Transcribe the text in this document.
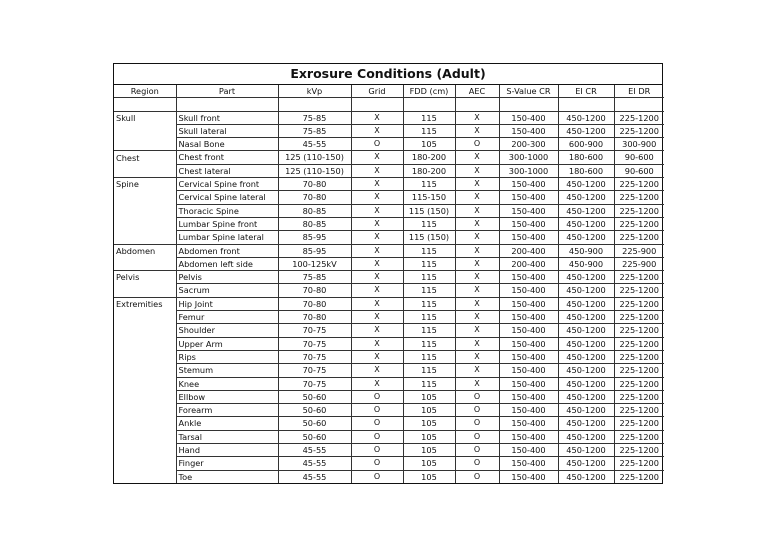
Exrosure Conditions (Adult)
Region	Part	kVp	Grid	FDD (cm)	AEC	S-Value CR	EI CR	EI DR

Skull	Skull front	75-85	X	115	X	150-400	450-1200	225-1200
	Skull lateral	75-85	X	115	X	150-400	450-1200	225-1200
	Nasal Bone	45-55	O	105	O	200-300	600-900	300-900
Chest	Chest front	125 (110-150)	X	180-200	X	300-1000	180-600	90-600
	Chest lateral	125 (110-150)	X	180-200	X	300-1000	180-600	90-600
Spine	Cervical Spine front	70-80	X	115	X	150-400	450-1200	225-1200
	Cervical Spine lateral	70-80	X	115-150	X	150-400	450-1200	225-1200
	Thoracic Spine	80-85	X	115 (150)	X	150-400	450-1200	225-1200
	Lumbar Spine front	80-85	X	115	X	150-400	450-1200	225-1200
	Lumbar Spine lateral	85-95	X	115 (150)	X	150-400	450-1200	225-1200
Abdomen	Abdomen front	85-95	X	115	X	200-400	450-900	225-900
	Abdomen left side	100-125kV	X	115	X	200-400	450-900	225-900
Pelvis	Pelvis	75-85	X	115	X	150-400	450-1200	225-1200
	Sacrum	70-80	X	115	X	150-400	450-1200	225-1200
Extremities	Hip Joint	70-80	X	115	X	150-400	450-1200	225-1200
	Femur	70-80	X	115	X	150-400	450-1200	225-1200
	Shoulder	70-75	X	115	X	150-400	450-1200	225-1200
	Upper Arm	70-75	X	115	X	150-400	450-1200	225-1200
	Rips	70-75	X	115	X	150-400	450-1200	225-1200
	Stemum	70-75	X	115	X	150-400	450-1200	225-1200
	Knee	70-75	X	115	X	150-400	450-1200	225-1200
	Ellbow	50-60	O	105	O	150-400	450-1200	225-1200
	Forearm	50-60	O	105	O	150-400	450-1200	225-1200
	Ankle	50-60	O	105	O	150-400	450-1200	225-1200
	Tarsal	50-60	O	105	O	150-400	450-1200	225-1200
	Hand	45-55	O	105	O	150-400	450-1200	225-1200
	Finger	45-55	O	105	O	150-400	450-1200	225-1200
	Toe	45-55	O	105	O	150-400	450-1200	225-1200
